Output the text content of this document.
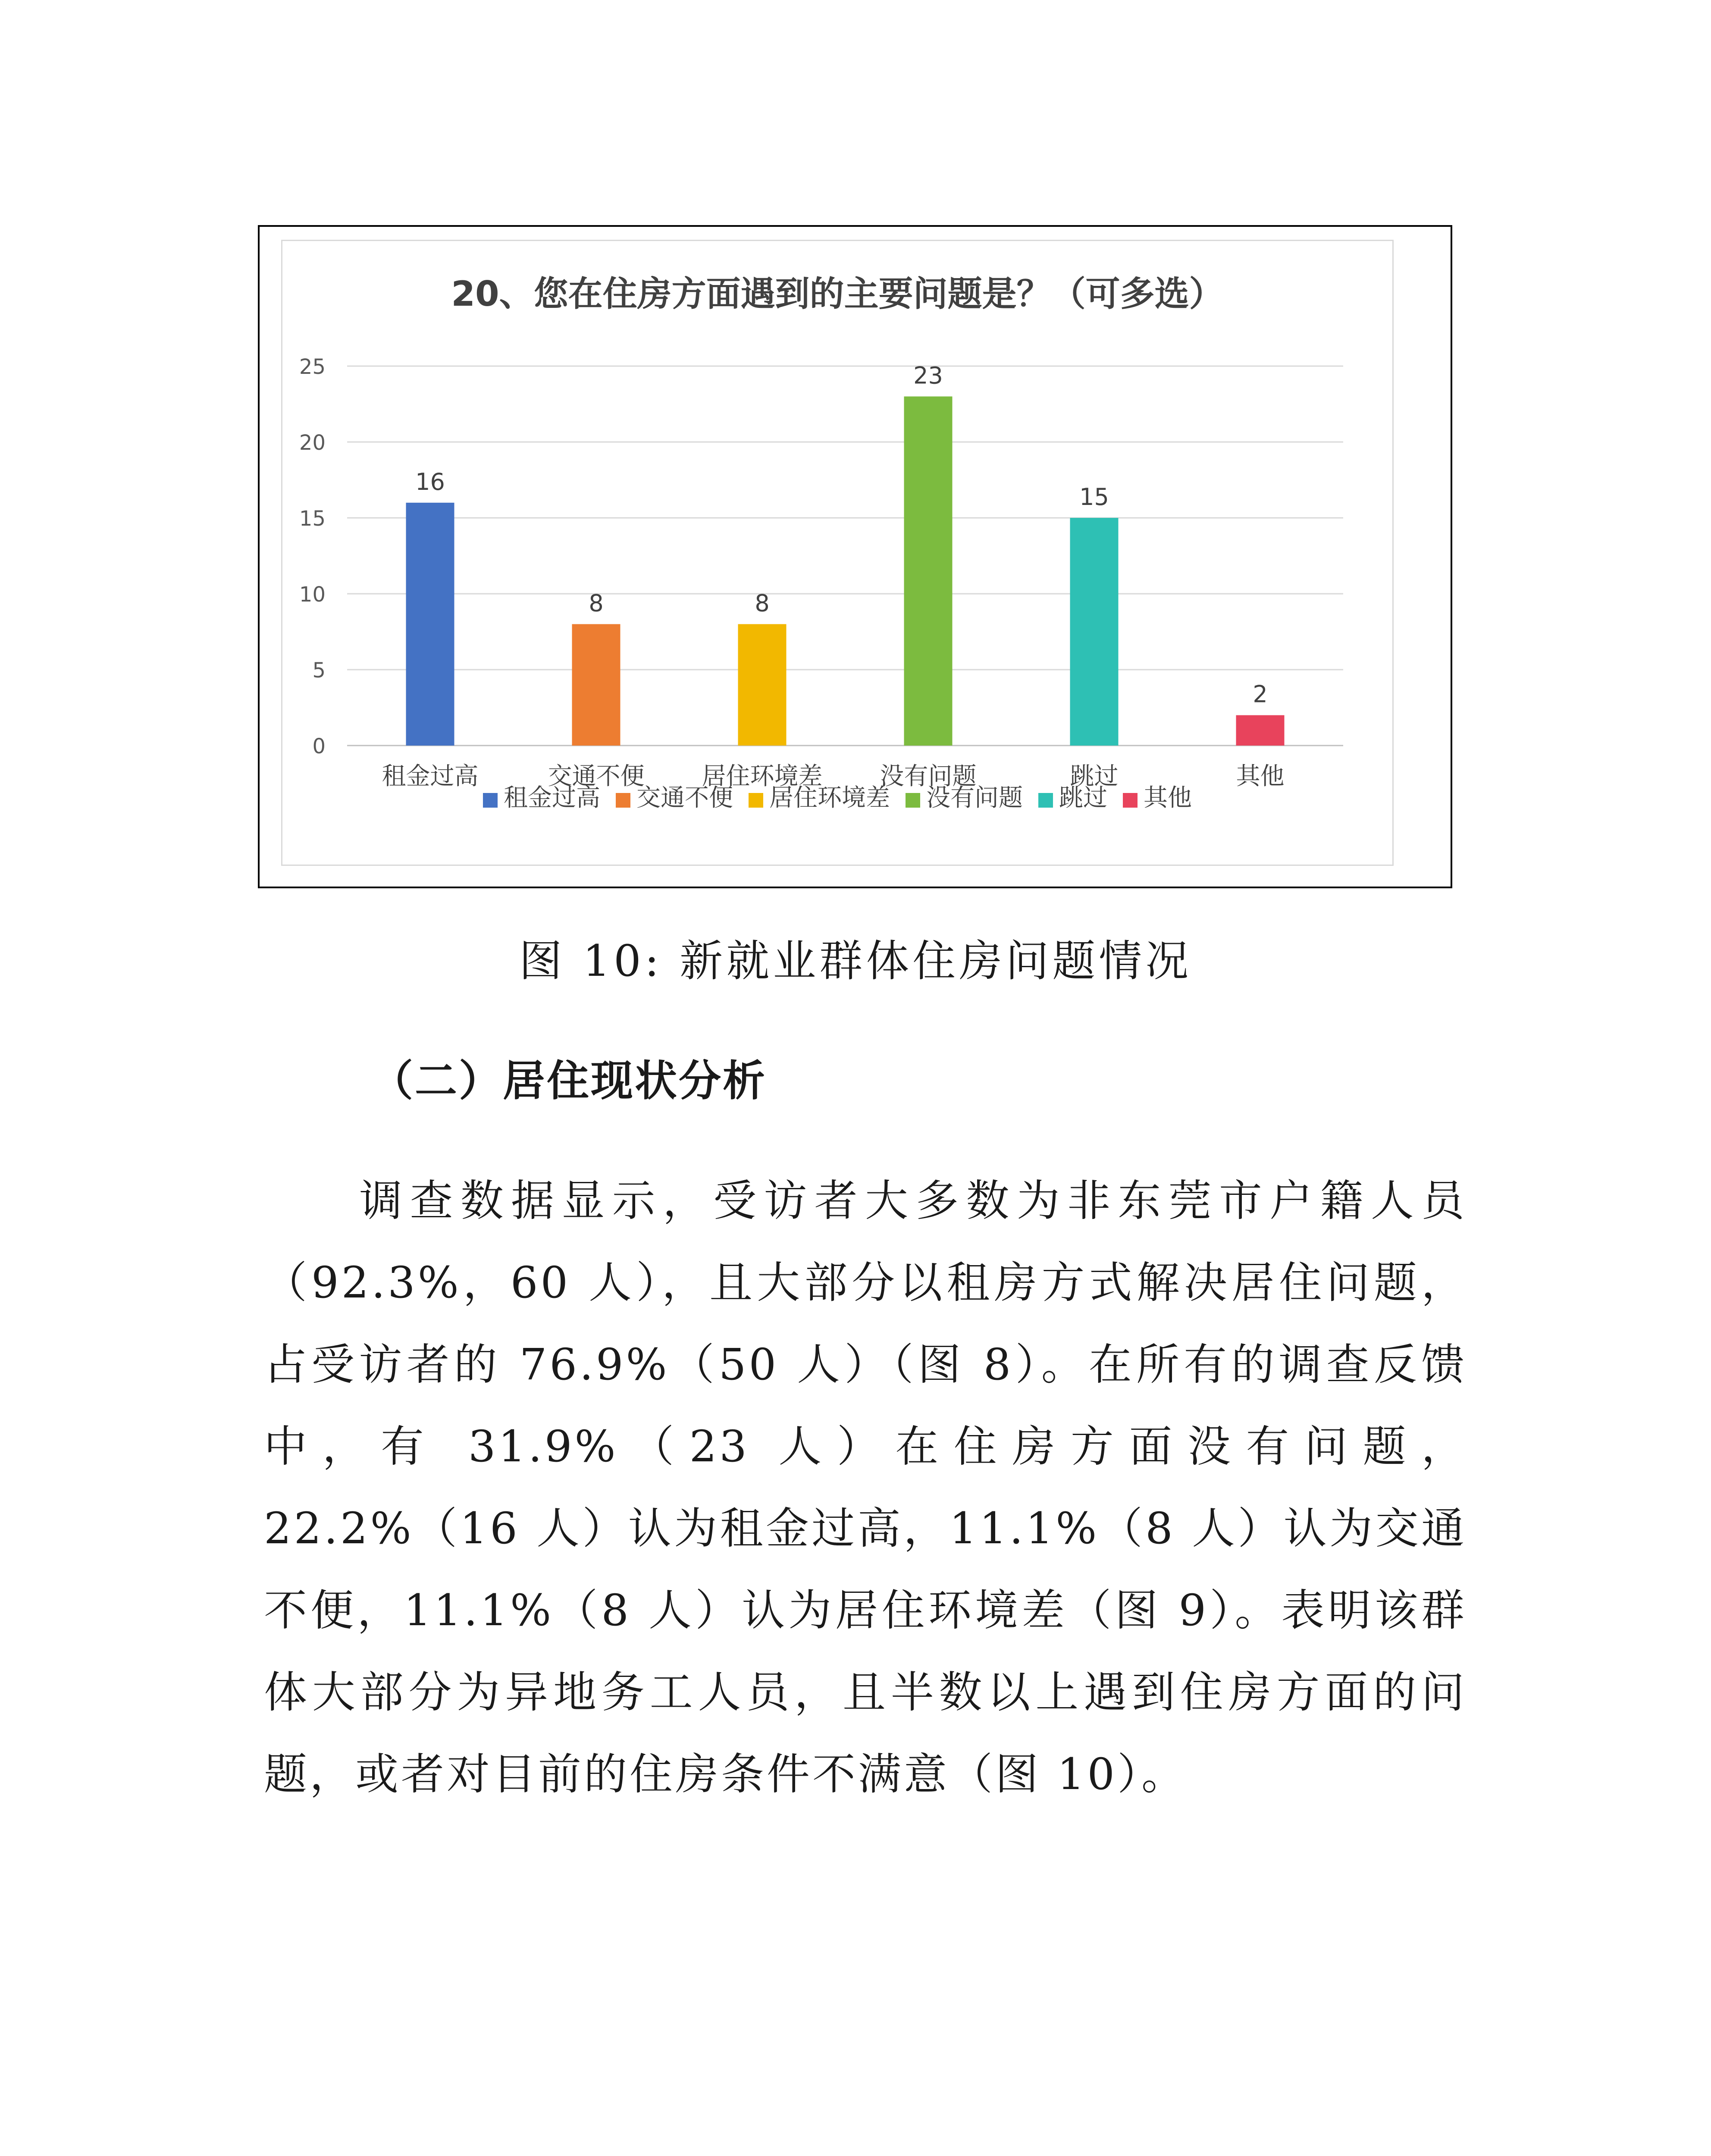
20、您在住房方面遇到的主要问题是？（可多选）
0
5
10
15
20
25
16
租金过高
8
交通不便
8
居住环境差
23
没有问题
15
跳过
2
其他
租金过高 交通不便 居住环境差 没有问题 跳过 其他
图 10: 新就业群体住房问题情况
（二）居住现状分析
调查数据显示，受访者大多数为非东莞市户籍人员（92.3%，60 人），且大部分以租房方式解决居住问题，占受访者的 76.9%（50 人）（图 8）。在所有的调查反馈中，有 31.9%（23 人）在住房方面没有问题，22.2%（16 人）认为租金过高，11.1%（8 人）认为交通不便，11.1%（8 人）认为居住环境差（图 9）。表明该群体大部分为异地务工人员，且半数以上遇到住房方面的问题，或者对目前的住房条件不满意（图 10）。
